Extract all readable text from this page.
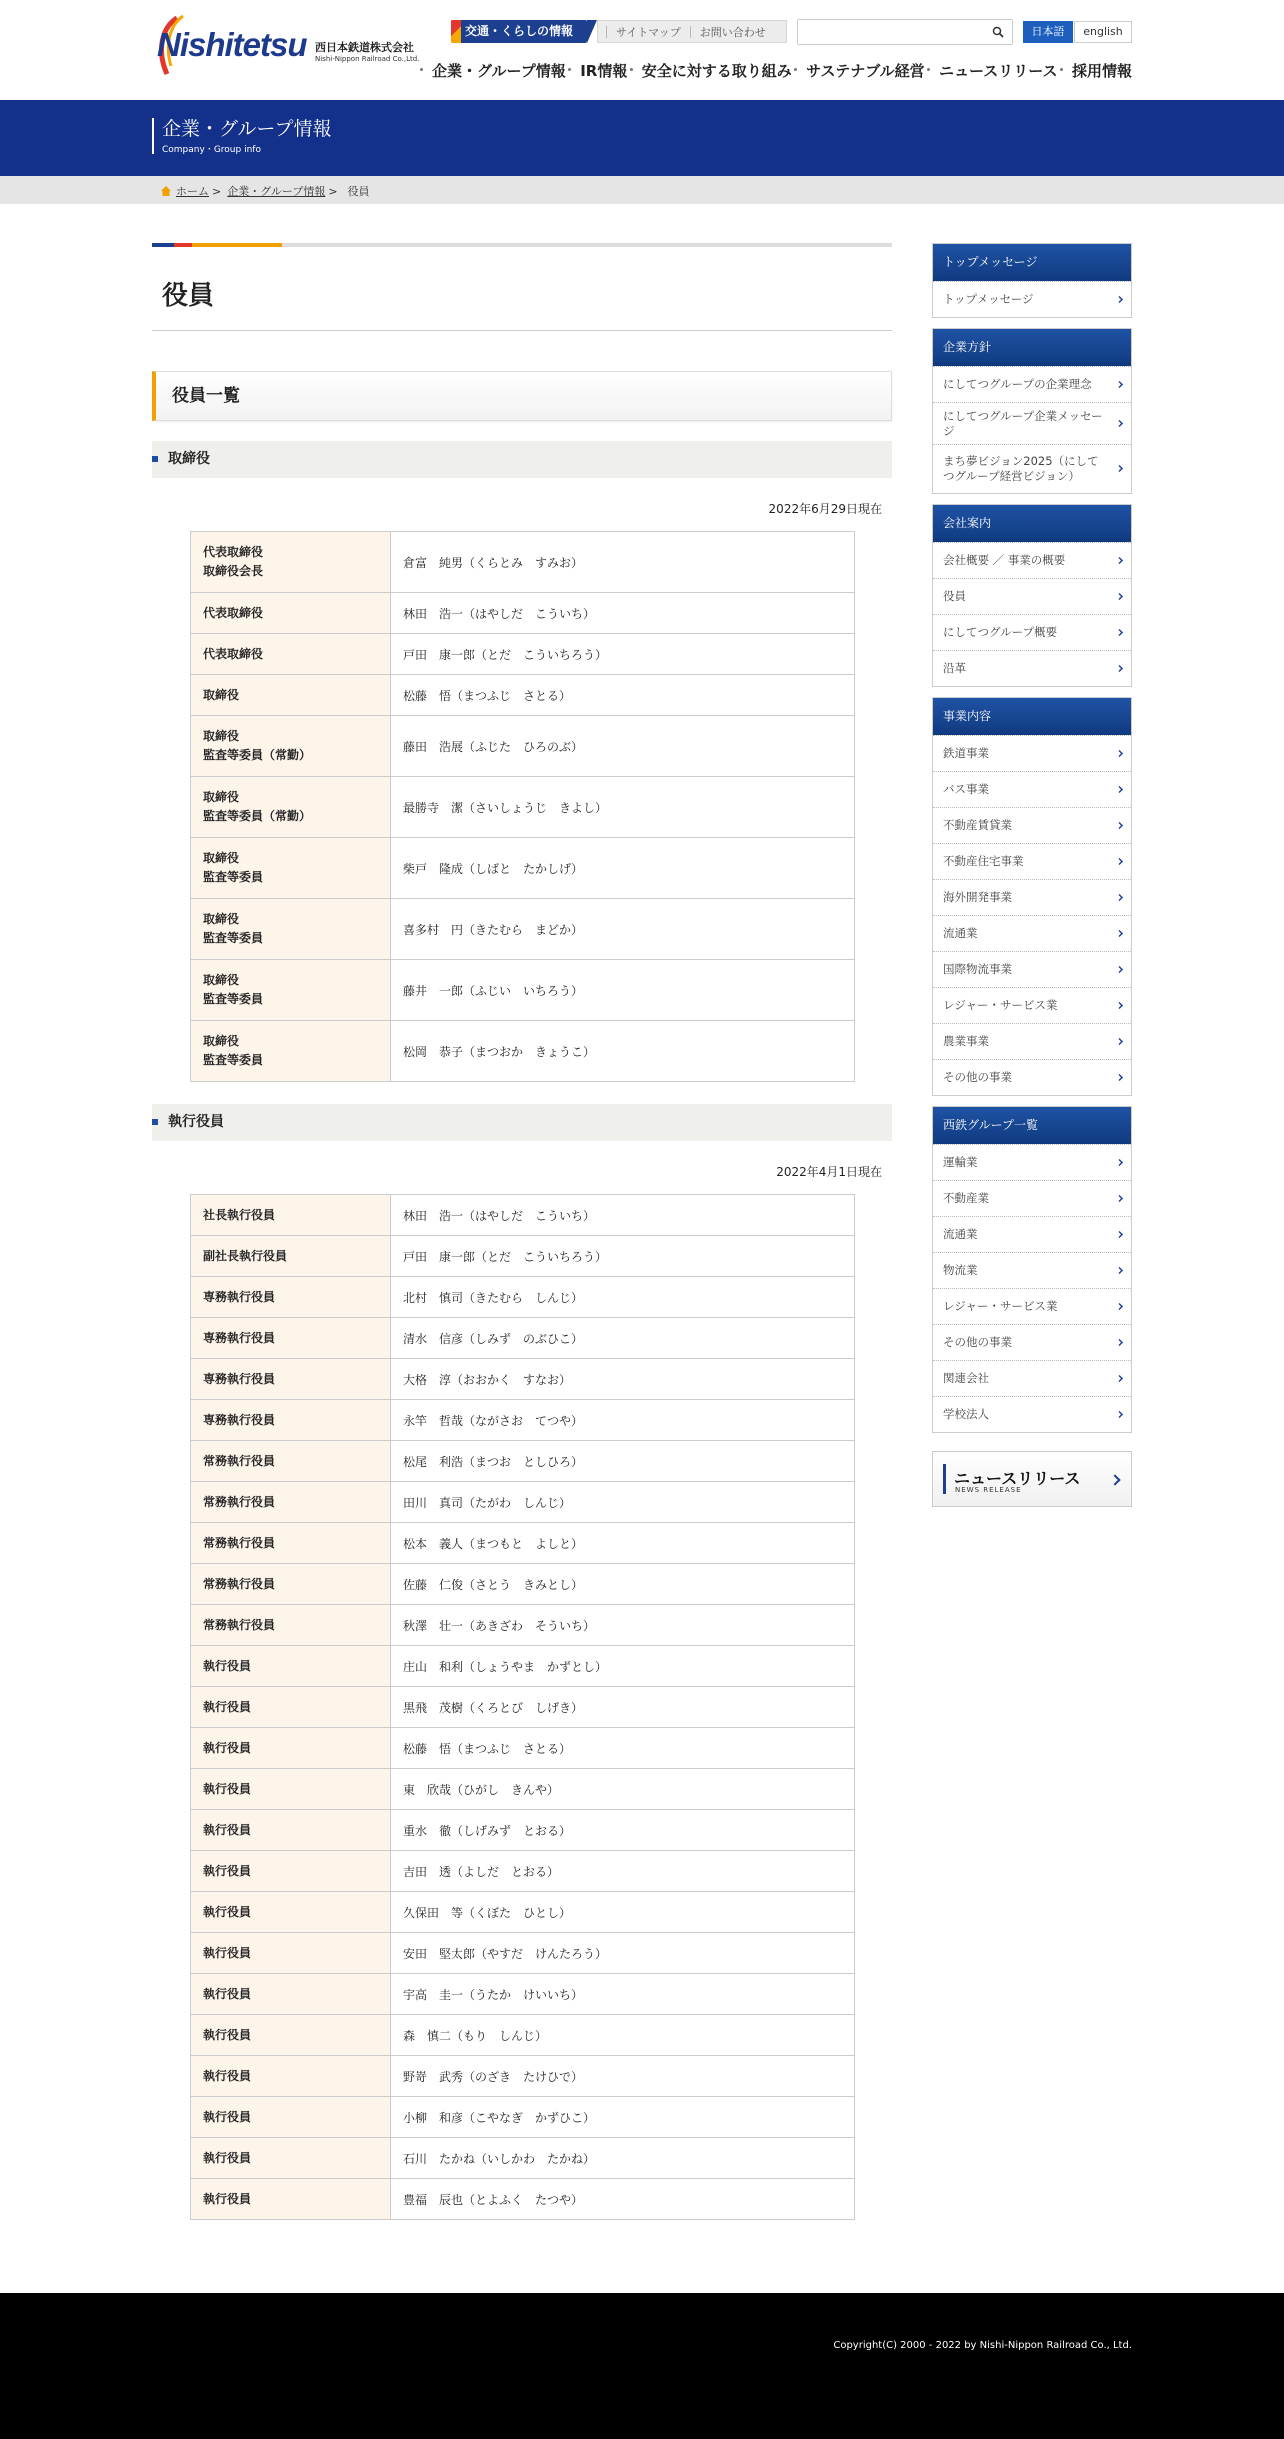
Nishitetsu 西日本鉄道株式会社
Nishi-Nippon Railroad Co.,Ltd.
交通・くらしの情報	サイトマップ お問い合わせ	日本語	english
企業・グループ情報 IR情報 安全に対する取り組み サステナブル経営 ニュースリリース 採用情報
企業・グループ情報
Company・Group info
ホーム > 企業・グループ情報 > 役員
役員
役員一覧
取締役
2022年6月29日現在
代表取締役
取締役会長	倉富　純男（くらとみ　すみお）
代表取締役	林田　浩一（はやしだ　こういち）
代表取締役	戸田　康一郎（とだ　こういちろう）
取締役	松藤　悟（まつふじ　さとる）
取締役
監査等委員（常勤）	藤田　浩展（ふじた　ひろのぶ）
取締役
監査等委員（常勤）	最勝寺　潔（さいしょうじ　きよし）
取締役
監査等委員	柴戸　隆成（しばと　たかしげ）
取締役
監査等委員	喜多村　円（きたむら　まどか）
取締役
監査等委員	藤井　一郎（ふじい　いちろう）
取締役
監査等委員	松岡　恭子（まつおか　きょうこ）
執行役員
2022年4月1日現在
社長執行役員	林田　浩一（はやしだ　こういち）
副社長執行役員	戸田　康一郎（とだ　こういちろう）
専務執行役員	北村　慎司（きたむら　しんじ）
専務執行役員	清水　信彦（しみず　のぶひこ）
専務執行役員	大格　淳（おおかく　すなお）
専務執行役員	永竿　哲哉（ながさお　てつや）
常務執行役員	松尾　利浩（まつお　としひろ）
常務執行役員	田川　真司（たがわ　しんじ）
常務執行役員	松本　義人（まつもと　よしと）
常務執行役員	佐藤　仁俊（さとう　きみとし）
常務執行役員	秋澤　壮一（あきざわ　そういち）
執行役員	庄山　和利（しょうやま　かずとし）
執行役員	黒飛　茂樹（くろとび　しげき）
執行役員	松藤　悟（まつふじ　さとる）
執行役員	東　欣哉（ひがし　きんや）
執行役員	重水　徹（しげみず　とおる）
執行役員	吉田　透（よしだ　とおる）
執行役員	久保田　等（くぼた　ひとし）
執行役員	安田　堅太郎（やすだ　けんたろう）
執行役員	宇高　圭一（うたか　けいいち）
執行役員	森　慎二（もり　しんじ）
執行役員	野嵜　武秀（のざき　たけひで）
執行役員	小柳　和彦（こやなぎ　かずひこ）
執行役員	石川　たかね（いしかわ　たかね）
執行役員	豊福　辰也（とよふく　たつや）
トップメッセージ
トップメッセージ
企業方針
にしてつグループの企業理念
にしてつグループ企業メッセージ
まち夢ビジョン2025（にしてつグループ経営ビジョン）
会社案内
会社概要 ／ 事業の概要
役員
にしてつグループ概要
沿革
事業内容
鉄道事業
バス事業
不動産賃貸業
不動産住宅事業
海外開発事業
流通業
国際物流事業
レジャー・サービス業
農業事業
その他の事業
西鉄グループ一覧
運輸業
不動産業
流通業
物流業
レジャー・サービス業
その他の事業
関連会社
学校法人
ニュースリリース
NEWS RELEASE
Copyright(C) 2000 - 2022 by Nishi-Nippon Railroad Co., Ltd.
